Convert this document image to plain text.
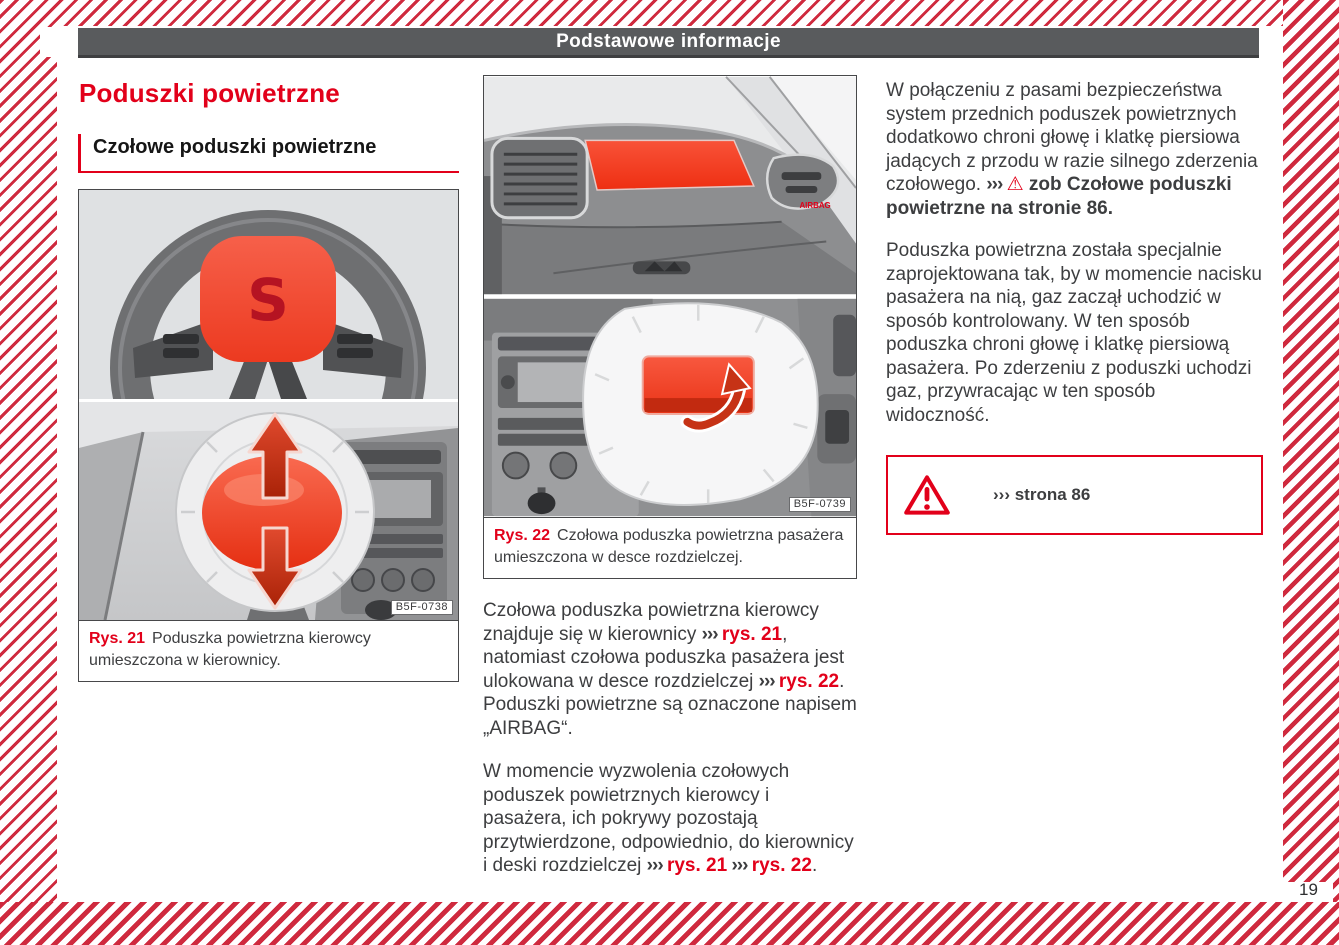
Podstawowe informacje
Poduszki powietrzne
Czołowe poduszki powietrzne
S
B5F-0738
Rys. 21 Poduszka powietrzna kierowcy umieszczona w kierownicy.
AIRBAG
B5F-0739
Rys. 22 Czołowa poduszka powietrzna pasażera umieszczona w desce rozdzielczej.

Czołowa poduszka powietrzna kierowcy znajduje się w kierownicy ››› rys. 21, natomiast czołowa poduszka pasażera jest ulokowana w desce rozdzielczej ››› rys. 22. Poduszki powietrzne są oznaczone napisem „AIRBAG“.

W momencie wyzwolenia czołowych poduszek powietrznych kierowcy i pasażera, ich pokrywy pozostają przytwierdzone, odpowiednio, do kierownicy i deski rozdzielczej ››› rys. 21 ››› rys. 22.

W połączeniu z pasami bezpieczeństwa system przednich poduszek powietrznych dodatkowo chroni głowę i klatkę piersiowa jadących z przodu w razie silnego zderzenia czołowego. ››› ⚠ zob Czołowe poduszki powietrzne na stronie 86.

Poduszka powietrzna została specjalnie zaprojektowana tak, by w momencie nacisku pasażera na nią, gaz zaczął uchodzić w sposób kontrolowany. W ten sposób poduszka chroni głowę i klatkę piersiową pasażera. Po zderzeniu z poduszki uchodzi gaz, przywracając w ten sposób widoczność.

››› strona 86
19
